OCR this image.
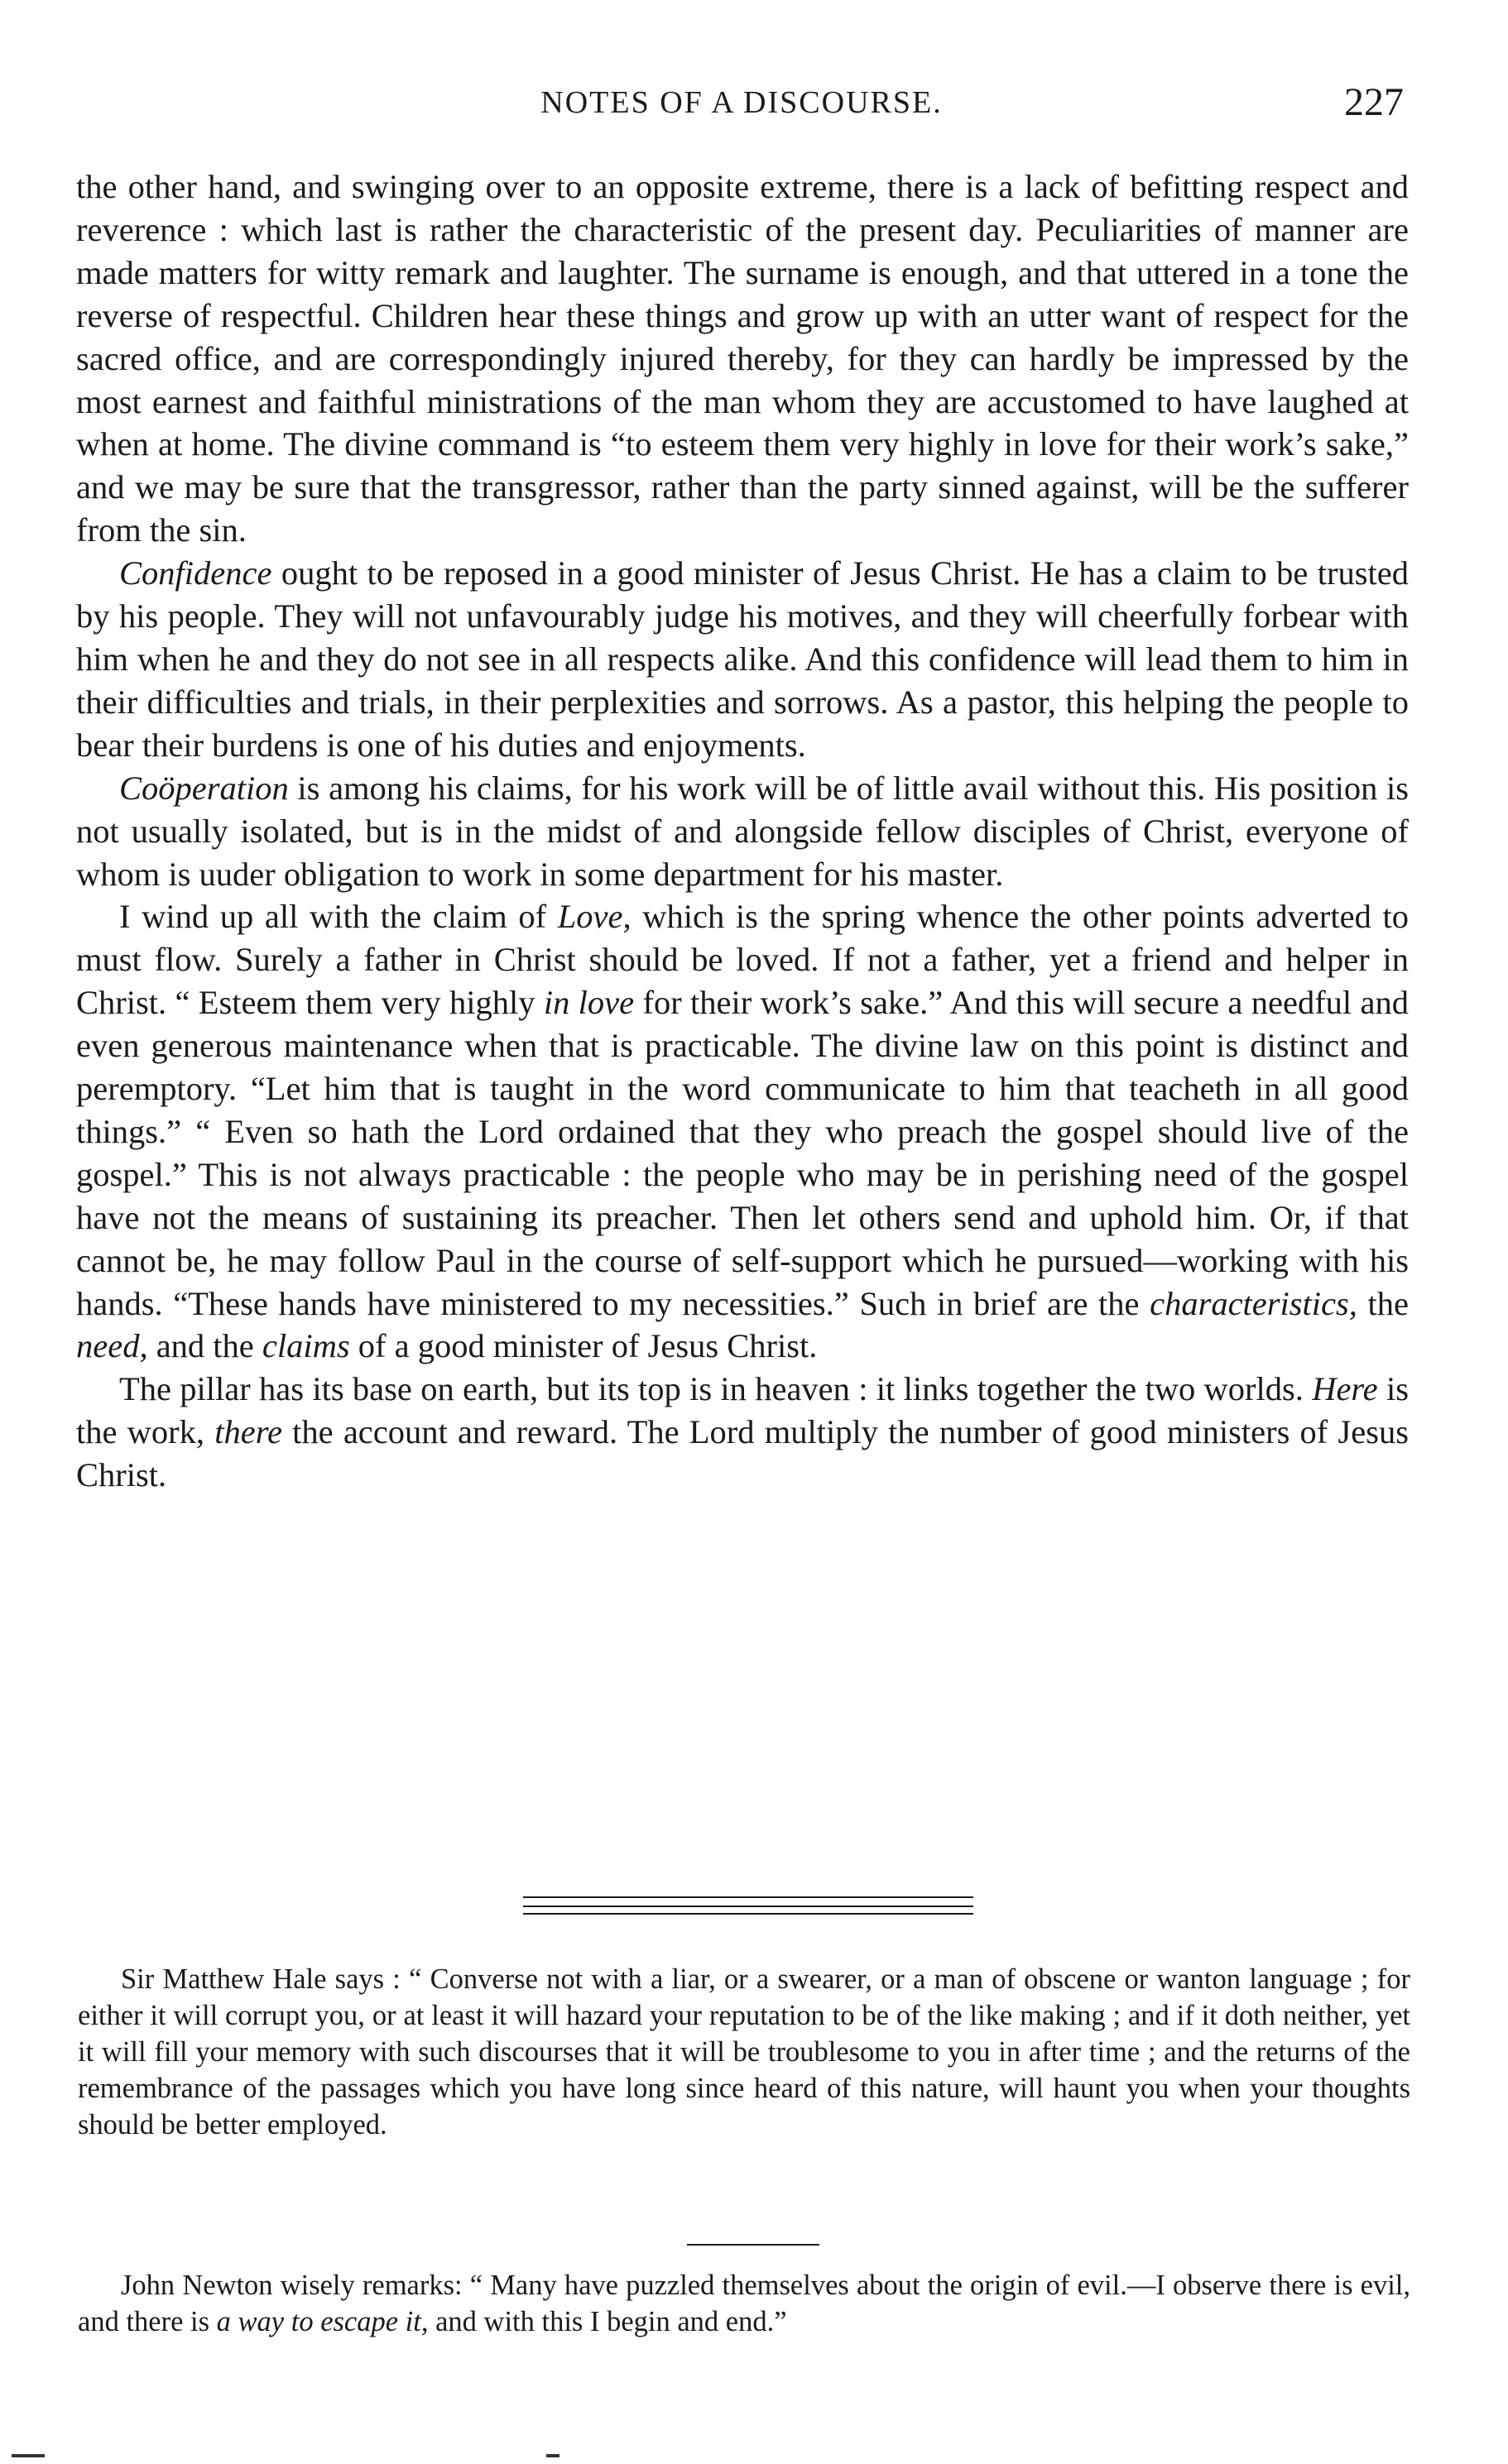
NOTES OF A DISCOURSE.	227

the other hand, and swinging over to an opposite extreme, there is a lack of befitting respect and reverence : which last is rather the characteristic of the present day. Peculiarities of manner are made matters for witty remark and laughter. The surname is enough, and that uttered in a tone the reverse of respectful. Children hear these things and grow up with an utter want of respect for the sacred office, and are correspondingly injured thereby, for they can hardly be impressed by the most earnest and faithful ministrations of the man whom they are accustomed to have laughed at when at home. The divine command is “to esteem them very highly in love for their work’s sake,” and we may be sure that the transgressor, rather than the party sinned against, will be the sufferer from the sin.

Confidence ought to be reposed in a good minister of Jesus Christ. He has a claim to be trusted by his people. They will not unfavourably judge his motives, and they will cheerfully forbear with him when he and they do not see in all respects alike. And this confidence will lead them to him in their difficulties and trials, in their perplexities and sorrows. As a pastor, this helping the people to bear their burdens is one of his duties and enjoyments.

Coöperation is among his claims, for his work will be of little avail without this. His position is not usually isolated, but is in the midst of and alongside fellow disciples of Christ, everyone of whom is uuder obligation to work in some department for his master.

I wind up all with the claim of Love, which is the spring whence the other points adverted to must flow. Surely a father in Christ should be loved. If not a father, yet a friend and helper in Christ. “ Esteem them very highly in love for their work’s sake.” And this will secure a needful and even generous maintenance when that is practicable. The divine law on this point is distinct and peremptory. “Let him that is taught in the word communicate to him that teacheth in all good things.” “ Even so hath the Lord ordained that they who preach the gospel should live of the gospel.” This is not always practicable : the people who may be in perishing need of the gospel have not the means of sustaining its preacher. Then let others send and uphold him. Or, if that cannot be, he may follow Paul in the course of self-support which he pursued—working with his hands. “These hands have ministered to my necessities.” Such in brief are the characteristics, the need, and the claims of a good minister of Jesus Christ.

The pillar has its base on earth, but its top is in heaven : it links together the two worlds. Here is the work, there the account and reward. The Lord multiply the number of good ministers of Jesus Christ.

Sir Matthew Hale says : “ Converse not with a liar, or a swearer, or a man of obscene or wanton language ; for either it will corrupt you, or at least it will hazard your reputation to be of the like making ; and if it doth neither, yet it will fill your memory with such discourses that it will be troublesome to you in after time ; and the returns of the remembrance of the passages which you have long since heard of this nature, will haunt you when your thoughts should be better employed.

John Newton wisely remarks: “ Many have puzzled themselves about the origin of evil.—I observe there is evil, and there is a way to escape it, and with this I begin and end.”
